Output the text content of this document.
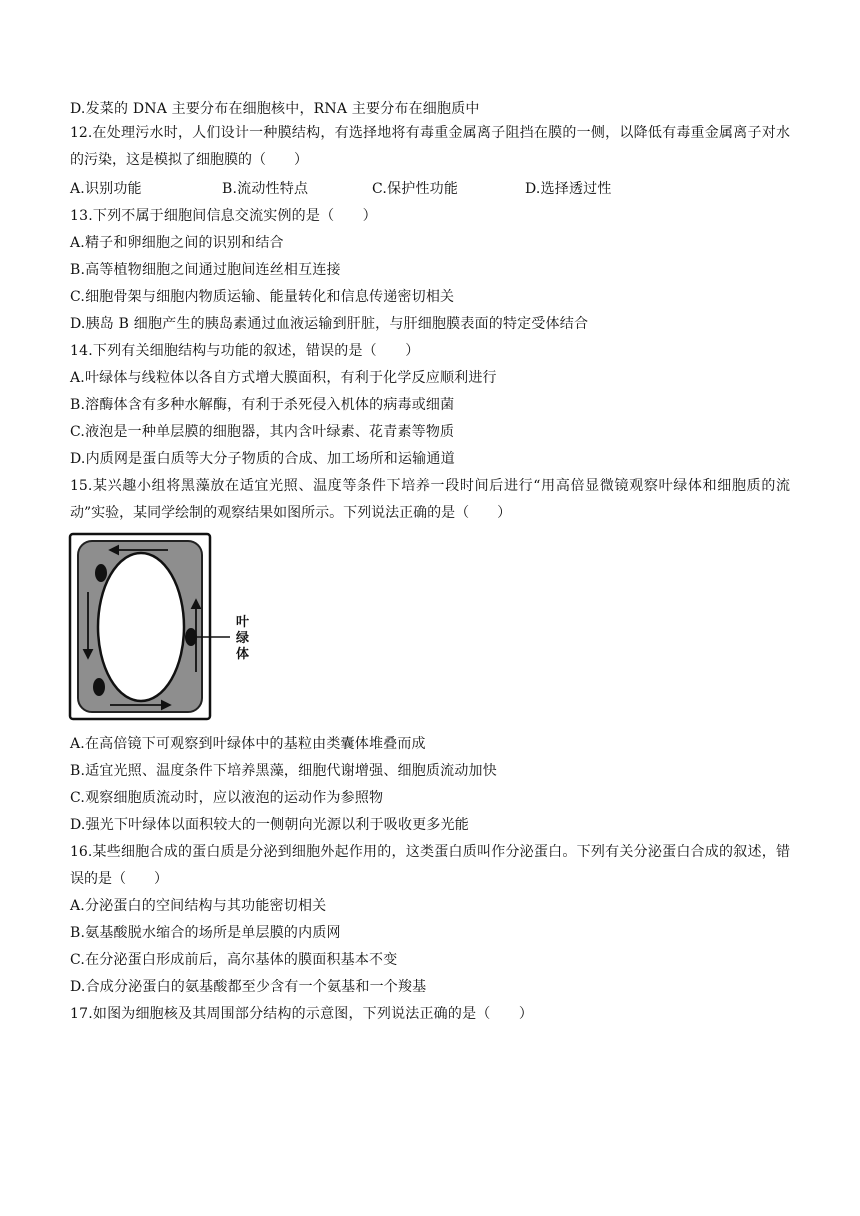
D.发菜的 DNA 主要分布在细胞核中，RNA 主要分布在细胞质中
12.在处理污水时，人们设计一种膜结构，有选择地将有毒重金属离子阻挡在膜的一侧，以降低有毒重金属离子对水的污染，这是模拟了细胞膜的（　　）
A.识别功能	B.流动性特点	C.保护性功能	D.选择透过性
13.下列不属于细胞间信息交流实例的是（　　）
A.精子和卵细胞之间的识别和结合
B.高等植物细胞之间通过胞间连丝相互连接
C.细胞骨架与细胞内物质运输、能量转化和信息传递密切相关
D.胰岛 B 细胞产生的胰岛素通过血液运输到肝脏，与肝细胞膜表面的特定受体结合
14.下列有关细胞结构与功能的叙述，错误的是（　　）
A.叶绿体与线粒体以各自方式增大膜面积，有利于化学反应顺利进行
B.溶酶体含有多种水解酶，有利于杀死侵入机体的病毒或细菌
C.液泡是一种单层膜的细胞器，其内含叶绿素、花青素等物质
D.内质网是蛋白质等大分子物质的合成、加工场所和运输通道
15.某兴趣小组将黑藻放在适宜光照、温度等条件下培养一段时间后进行“用高倍显微镜观察叶绿体和细胞质的流动”实验，某同学绘制的观察结果如图所示。下列说法正确的是（　　）
叶
绿
体
A.在高倍镜下可观察到叶绿体中的基粒由类囊体堆叠而成
B.适宜光照、温度条件下培养黑藻，细胞代谢增强、细胞质流动加快
C.观察细胞质流动时，应以液泡的运动作为参照物
D.强光下叶绿体以面积较大的一侧朝向光源以利于吸收更多光能
16.某些细胞合成的蛋白质是分泌到细胞外起作用的，这类蛋白质叫作分泌蛋白。下列有关分泌蛋白合成的叙述，错误的是（　　）
A.分泌蛋白的空间结构与其功能密切相关
B.氨基酸脱水缩合的场所是单层膜的内质网
C.在分泌蛋白形成前后，高尔基体的膜面积基本不变
D.合成分泌蛋白的氨基酸都至少含有一个氨基和一个羧基
17.如图为细胞核及其周围部分结构的示意图，下列说法正确的是（　　）
